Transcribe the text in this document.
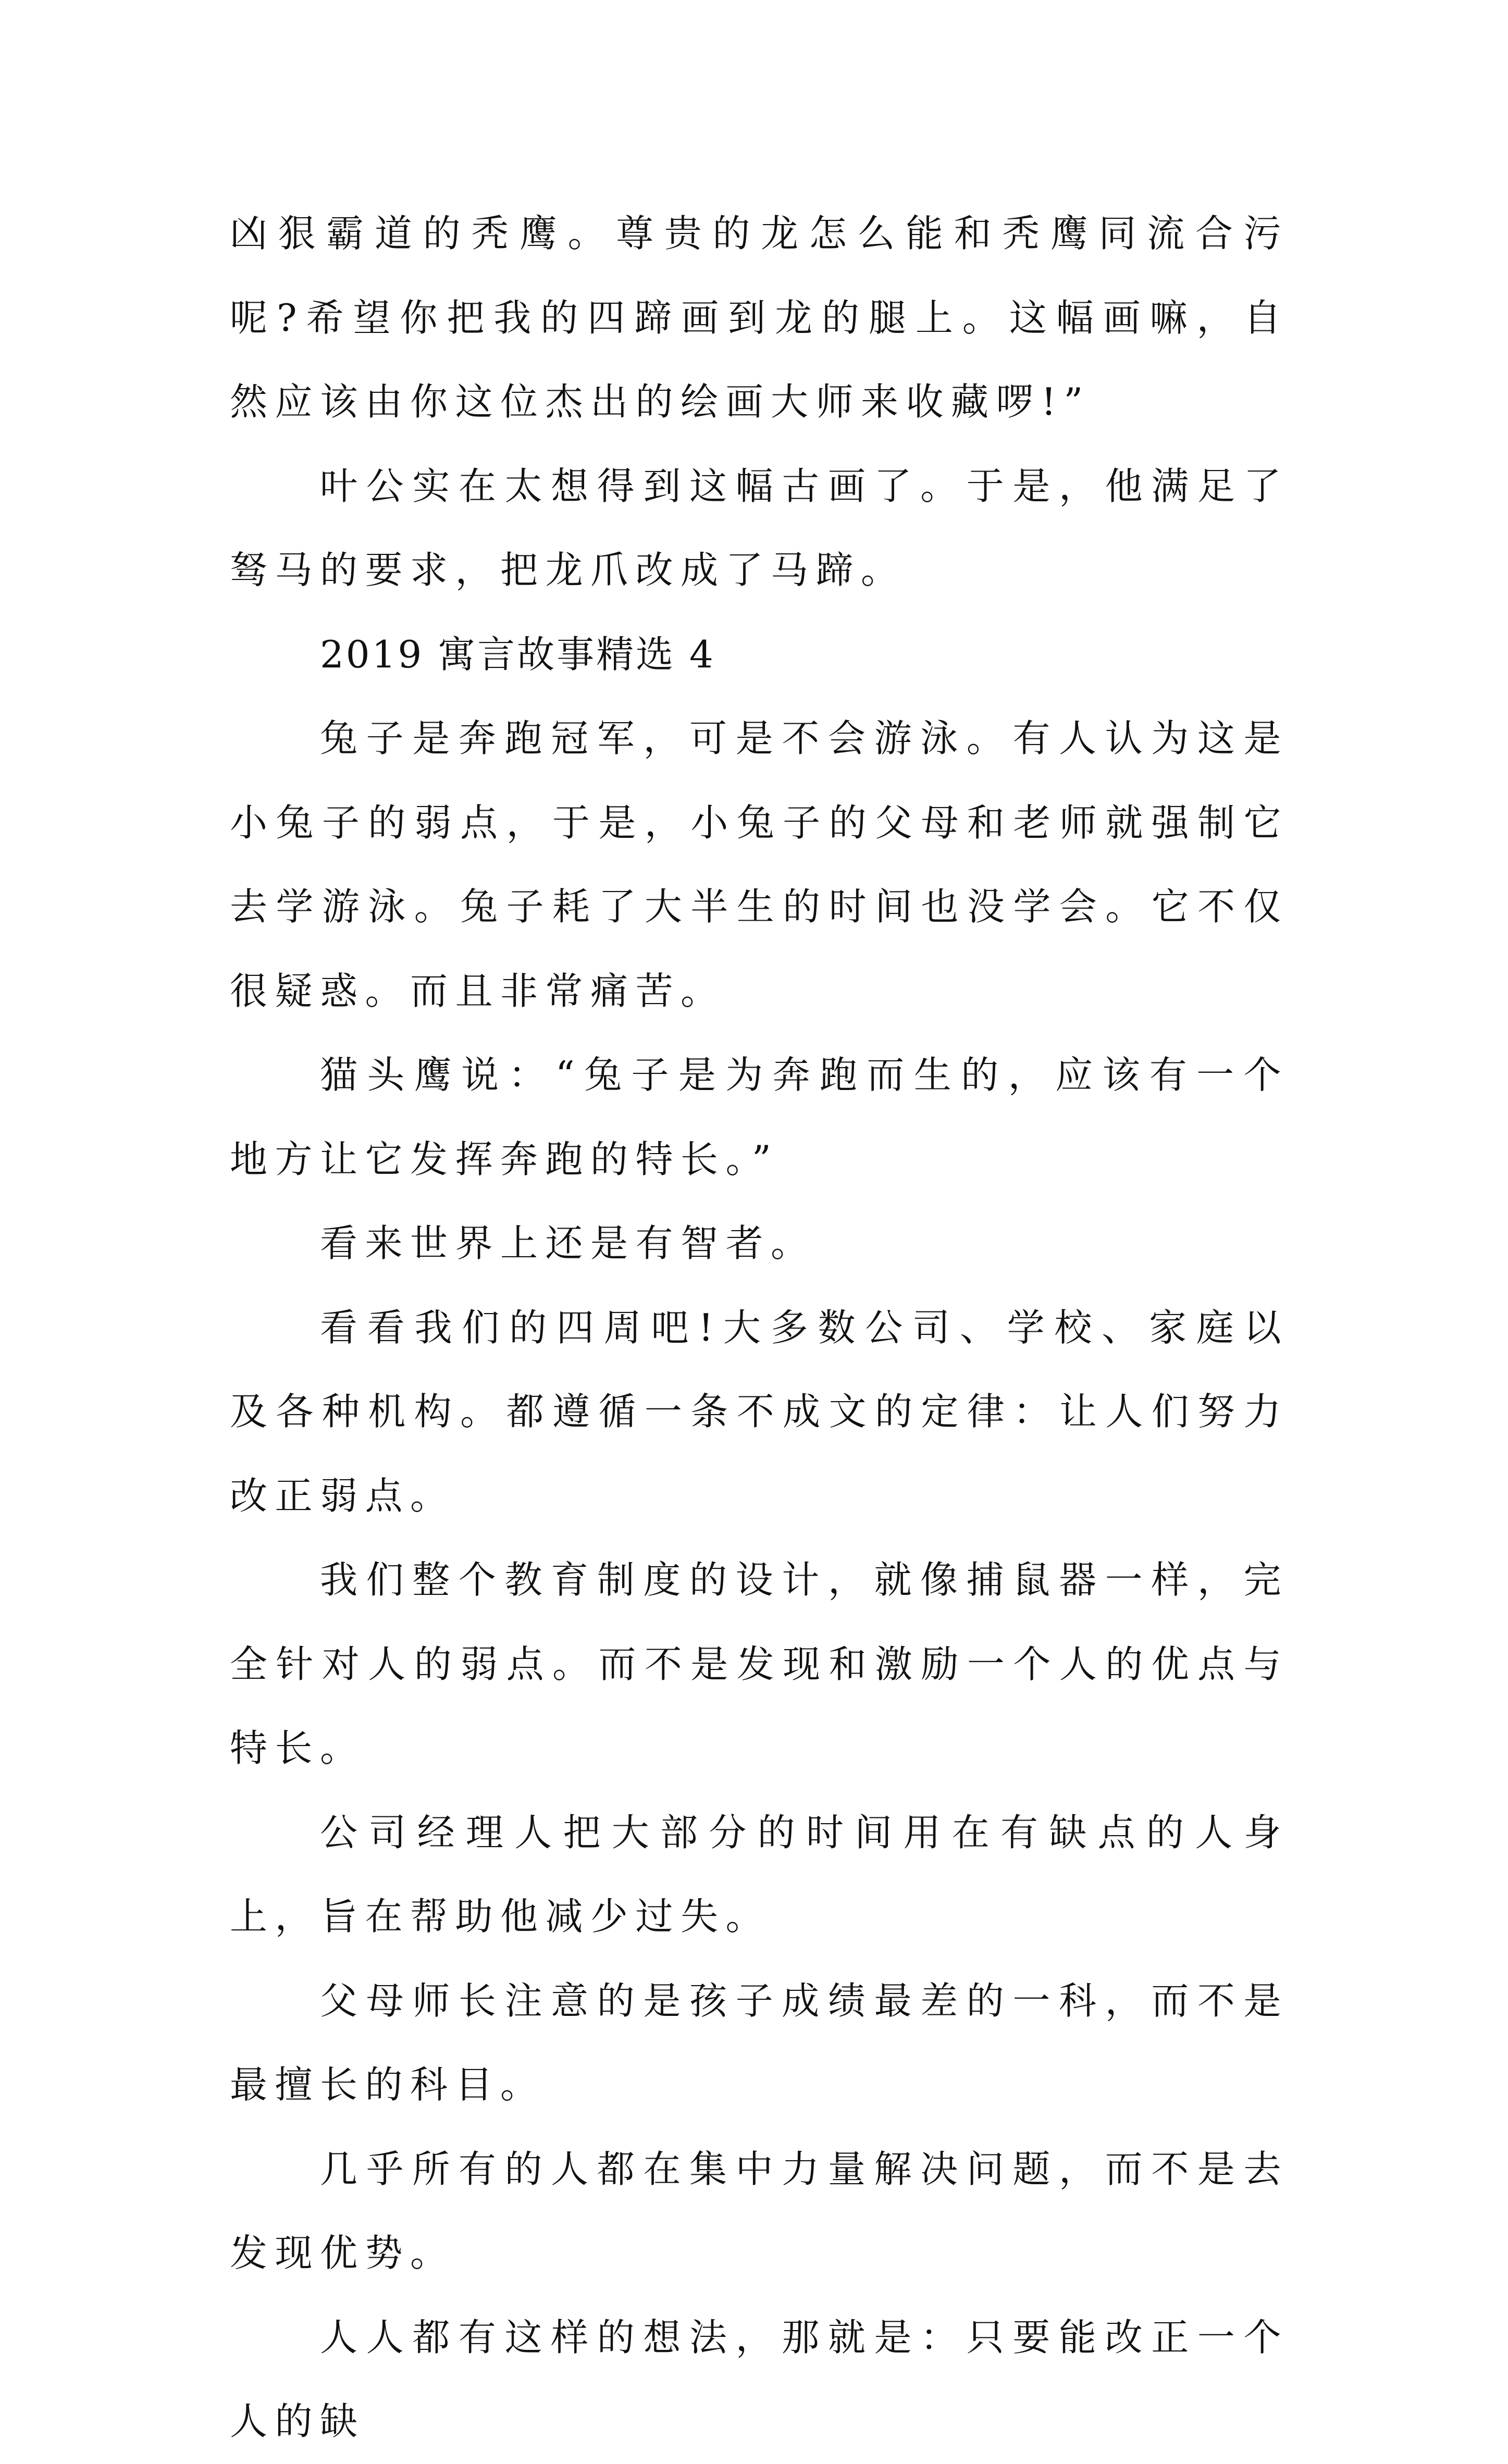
凶狠霸道的秃鹰。尊贵的龙怎么能和秃鹰同流合污呢?希望你把我的四蹄画到龙的腿上。这幅画嘛，自然应该由你这位杰出的绘画大师来收藏啰!”

叶公实在太想得到这幅古画了。于是，他满足了驽马的要求，把龙爪改成了马蹄。

2019 寓言故事精选 4

兔子是奔跑冠军，可是不会游泳。有人认为这是小兔子的弱点，于是，小兔子的父母和老师就强制它去学游泳。兔子耗了大半生的时间也没学会。它不仅很疑惑。而且非常痛苦。

猫头鹰说：“兔子是为奔跑而生的，应该有一个地方让它发挥奔跑的特长。”

看来世界上还是有智者。

看看我们的四周吧!大多数公司、学校、家庭以及各种机构。都遵循一条不成文的定律：让人们努力改正弱点。

我们整个教育制度的设计，就像捕鼠器一样，完全针对人的弱点。而不是发现和激励一个人的优点与特长。

公司经理人把大部分的时间用在有缺点的人身上，旨在帮助他减少过失。

父母师长注意的是孩子成绩最差的一科，而不是最擅长的科目。

几乎所有的人都在集中力量解决问题，而不是去发现优势。

人人都有这样的想法，那就是：只要能改正一个人的缺
